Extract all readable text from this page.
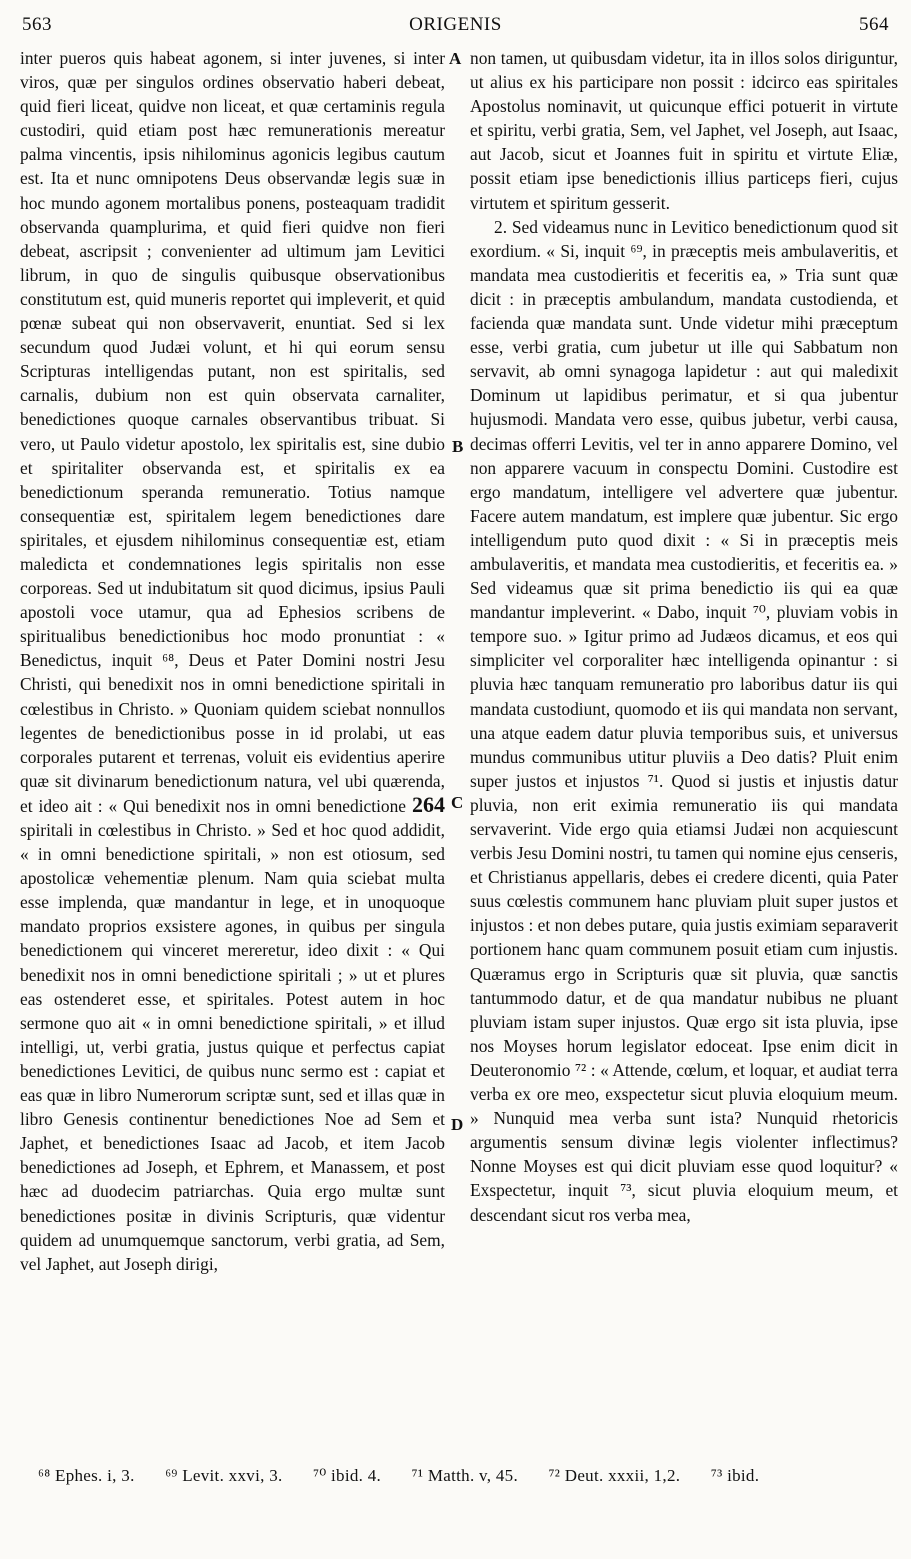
563	ORIGENIS	564

inter pueros quis habeat agonem, si inter juvenes, si inter viros, quæ per singulos ordines observatio haberi debeat, quid fieri liceat, quidve non liceat, et quæ certaminis regula custodiri, quid etiam post hæc remunerationis mereatur palma vincentis, ipsis nihilominus agonicis legibus cautum est. Ita et nunc omnipotens Deus observandæ legis suæ in hoc mundo agonem mortalibus ponens, posteaquam tradidit observanda quamplurima, et quid fieri quidve non fieri debeat, ascripsit ; convenienter ad ultimum jam Levitici librum, in quo de singulis quibusque observationibus constitutum est, quid muneris reportet qui impleverit, et quid pœnæ subeat qui non observaverit, enuntiat. Sed si lex secundum quod Judæi volunt, et hi qui eorum sensu Scripturas intelligendas putant, non est spiritalis, sed carnalis, dubium non est quin observata carnaliter, benedictiones quoque carnales observantibus tribuat. Si vero, ut Paulo videtur apostolo, lex spiritalis est, sine dubio et spiritaliter observanda est, et spiritalis ex ea benedictionum speranda remuneratio. Totius namque consequentiæ est, spiritalem legem benedictiones dare spiritales, et ejusdem nihilominus consequentiæ est, etiam maledicta et condemnationes legis spiritalis non esse corporeas. Sed ut indubitatum sit quod dicimus, ipsius Pauli apostoli voce utamur, qua ad Ephesios scribens de spiritualibus benedictionibus hoc modo pronuntiat : « Benedictus, inquit ⁶⁸, Deus et Pater Domini nostri Jesu Christi, qui benedixit nos in omni benedictione spiritali in cœlestibus in Christo. » Quoniam quidem sciebat nonnullos legentes de benedictionibus posse in id prolabi, ut eas corporales putarent et terrenas, voluit eis evidentius aperire quæ sit divinarum benedictionum natura, vel ubi quærenda, et ideo ait : « Qui benedixit nos in omni benedictione 264 spiritali in cœlestibus in Christo. » Sed et hoc quod addidit, « in omni benedictione spiritali, » non est otiosum, sed apostolicæ vehementiæ plenum. Nam quia sciebat multa esse implenda, quæ mandantur in lege, et in unoquoque mandato proprios exsistere agones, in quibus per singula benedictionem qui vinceret mereretur, ideo dixit : « Qui benedixit nos in omni benedictione spiritali ; » ut et plures eas ostenderet esse, et spiritales. Potest autem in hoc sermone quo ait « in omni benedictione spiritali, » et illud intelligi, ut, verbi gratia, justus quique et perfectus capiat benedictiones Levitici, de quibus nunc sermo est : capiat et eas quæ in libro Numerorum scriptæ sunt, sed et illas quæ in libro Genesis continentur benedictiones Noe ad Sem et Japhet, et benedictiones Isaac ad Jacob, et item Jacob benedictiones ad Joseph, et Ephrem, et Manassem, et post hæc ad duodecim patriarchas. Quia ergo multæ sunt benedictiones positæ in divinis Scripturis, quæ videntur quidem ad unumquemque sanctorum, verbi gratia, ad Sem, vel Japhet, aut Joseph dirigi,

A
B
C
D

non tamen, ut quibusdam videtur, ita in illos solos diriguntur, ut alius ex his participare non possit : idcirco eas spiritales Apostolus nominavit, ut quicunque effici potuerit in virtute et spiritu, verbi gratia, Sem, vel Japhet, vel Joseph, aut Isaac, aut Jacob, sicut et Joannes fuit in spiritu et virtute Eliæ, possit etiam ipse benedictionis illius particeps fieri, cujus virtutem et spiritum gesserit.

2. Sed videamus nunc in Levitico benedictionum quod sit exordium. « Si, inquit ⁶⁹, in præceptis meis ambulaveritis, et mandata mea custodieritis et feceritis ea, » Tria sunt quæ dicit : in præceptis ambulandum, mandata custodienda, et facienda quæ mandata sunt. Unde videtur mihi præceptum esse, verbi gratia, cum jubetur ut ille qui Sabbatum non servavit, ab omni synagoga lapidetur : aut qui maledixit Dominum ut lapidibus perimatur, et si qua jubentur hujusmodi. Mandata vero esse, quibus jubetur, verbi causa, decimas offerri Levitis, vel ter in anno apparere Domino, vel non apparere vacuum in conspectu Domini. Custodire est ergo mandatum, intelligere vel advertere quæ jubentur. Facere autem mandatum, est implere quæ jubentur. Sic ergo intelligendum puto quod dixit : « Si in præceptis meis ambulaveritis, et mandata mea custodieritis, et feceritis ea. » Sed videamus quæ sit prima benedictio iis qui ea quæ mandantur impleverint. « Dabo, inquit ⁷⁰, pluviam vobis in tempore suo. » Igitur primo ad Judæos dicamus, et eos qui simpliciter vel corporaliter hæc intelligenda opinantur : si pluvia hæc tanquam remuneratio pro laboribus datur iis qui mandata custodiunt, quomodo et iis qui mandata non servant, una atque eadem datur pluvia temporibus suis, et universus mundus communibus utitur pluviis a Deo datis? Pluit enim super justos et injustos ⁷¹. Quod si justis et injustis datur pluvia, non erit eximia remuneratio iis qui mandata servaverint. Vide ergo quia etiamsi Judæi non acquiescunt verbis Jesu Domini nostri, tu tamen qui nomine ejus censeris, et Christianus appellaris, debes ei credere dicenti, quia Pater suus cœlestis communem hanc pluviam pluit super justos et injustos : et non debes putare, quia justis eximiam separaverit portionem hanc quam communem posuit etiam cum injustis. Quæramus ergo in Scripturis quæ sit pluvia, quæ sanctis tantummodo datur, et de qua mandatur nubibus ne pluant pluviam istam super injustos. Quæ ergo sit ista pluvia, ipse nos Moyses horum legislator edoceat. Ipse enim dicit in Deuteronomio ⁷² : « Attende, cœlum, et loquar, et audiat terra verba ex ore meo, exspectetur sicut pluvia eloquium meum. » Nunquid mea verba sunt ista? Nunquid rhetoricis argumentis sensum divinæ legis violenter inflectimus? Nonne Moyses est qui dicit pluviam esse quod loquitur? « Exspectetur, inquit ⁷³, sicut pluvia eloquium meum, et descendant sicut ros verba mea,

⁶⁸ Ephes. i, 3. ⁶⁹ Levit. xxvi, 3. ⁷⁰ ibid. 4. ⁷¹ Matth. v, 45. ⁷² Deut. xxxii, 1,2. ⁷³ ibid.
